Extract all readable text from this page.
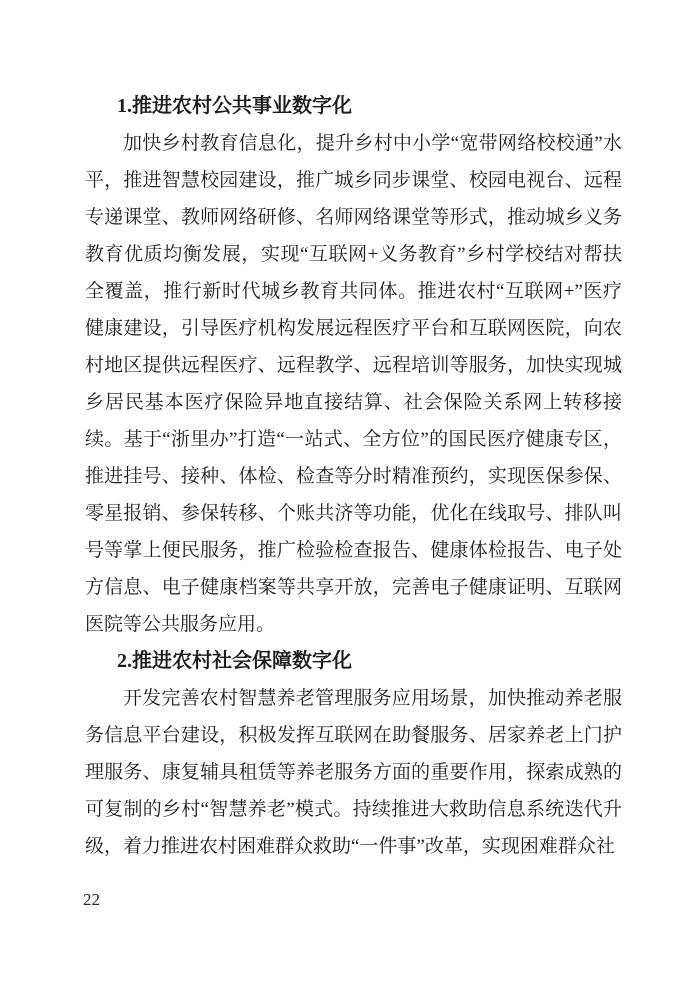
1.推进农村公共事业数字化

加快乡村教育信息化，提升乡村中小学“宽带网络校校通”水平，推进智慧校园建设，推广城乡同步课堂、校园电视台、远程专递课堂、教师网络研修、名师网络课堂等形式，推动城乡义务教育优质均衡发展，实现“互联网+义务教育”乡村学校结对帮扶全覆盖，推行新时代城乡教育共同体。推进农村“互联网+”医疗健康建设，引导医疗机构发展远程医疗平台和互联网医院，向农村地区提供远程医疗、远程教学、远程培训等服务，加快实现城乡居民基本医疗保险异地直接结算、社会保险关系网上转移接续。基于“浙里办”打造“一站式、全方位”的国民医疗健康专区，推进挂号、接种、体检、检查等分时精准预约，实现医保参保、零星报销、参保转移、个账共济等功能，优化在线取号、排队叫号等掌上便民服务，推广检验检查报告、健康体检报告、电子处方信息、电子健康档案等共享开放，完善电子健康证明、互联网医院等公共服务应用。

2.推进农村社会保障数字化

开发完善农村智慧养老管理服务应用场景，加快推动养老服务信息平台建设，积极发挥互联网在助餐服务、居家养老上门护理服务、康复辅具租赁等养老服务方面的重要作用，探索成熟的可复制的乡村“智慧养老”模式。持续推进大救助信息系统迭代升级，着力推进农村困难群众救助“一件事”改革，实现困难群众社

22
